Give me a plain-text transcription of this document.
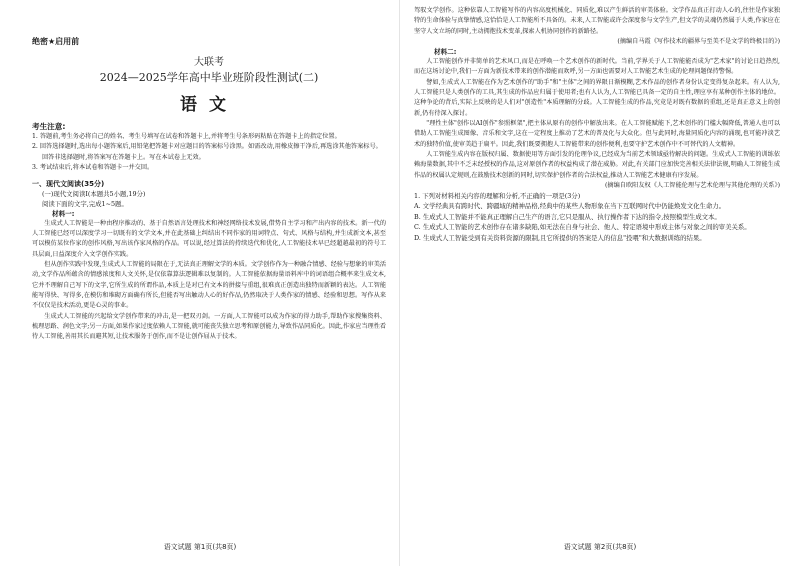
绝密★启用前
大联考
2024—2025学年高中毕业班阶段性测试(二)
语文
考生注意:
1. 答题前,考生务必将自己的姓名、考生号填写在试卷和答题卡上,并将考生号条形码粘贴在答题卡上的指定位置。
2. 回答选择题时,选出每小题答案后,用铅笔把答题卡对应题目的答案标号涂黑。如需改动,用橡皮擦干净后,再选涂其他答案标号。回答非选择题时,将答案写在答题卡上。写在本试卷上无效。
3. 考试结束后,将本试卷和答题卡一并交回。
一、现代文阅读(35分)
(一)现代文阅读Ⅰ(本题共5小题,19分)
阅读下面的文字,完成1~5题。
材料一:
生成式人工智能是一种由程序推动的、基于自然语言处理技术和神经网络技术发展,借势自主学习和产出内容的技术。新一代的人工智能已经可以深度学习一切既有的文学文本,并在此基础上纠结出不同作家的用词特点、句式、风格与结构,并生成新文本,甚至可以模仿某位作家的创作风格,写出该作家风格的作品。可以说,经过算法的持续迭代和优化,人工智能技术早已经超越最初的符号工具层面,日益深度介入文学创作实践。
但从创作实践中发现,生成式人工智能的局限在于,无法真正理解文学的本质。文学创作作为一种融合情感、经验与想象的审美活动,文学作品所蕴含的情感浓度和人文关怀,是仅依靠算法逻辑难以复制的。人工智能依据海量语料库中的词语组合概率来生成文本,它并不理解自己写下的文字,它所生成的所谓作品,本质上是对已有文本的拼接与重组,很难真正创造出独特而新颖的表达。人工智能能写得快、写得多,在模仿和堆砌方面确有所长,但能否写出触动人心的好作品,仍然取决于人类作家的情感、经验和思想。写作从来不仅仅是技术活动,更是心灵的事业。
生成式人工智能的兴起给文学创作带来的冲击,是一把双刃剑。一方面,人工智能可以成为作家的得力助手,帮助作家搜集资料、梳理思路、润色文字;另一方面,如果作家过度依赖人工智能,就可能丧失独立思考和原创能力,导致作品同质化。因此,作家应当理性看待人工智能,善用其长而避其短,让技术服务于创作,而不是让创作屈从于技术。
语文试题 第1页(共8页)
驾驭文学创作。这种依靠人工智能写作的内容高度机械化、同质化,难以产生鲜活的审美体验。文学作品真正打动人心的,往往是作家独特的生命体验与真挚情感,这恰恰是人工智能所不具备的。未来,人工智能或许会深度参与文学生产,但文学的灵魂仍然属于人类,作家应在坚守人文立场的同时,主动拥抱技术变革,探索人机协同创作的新路径。
(摘编自马霞《写作技术的疆界与至美不是文学的终极目的》)
材料二:
人工智能创作并非简单的艺术风口,而是在呼唤一个艺术创作的新时代。当前,学界关于人工智能能否成为"艺术家"的讨论日趋热烈,而在这场讨论中,我们一方面为新技术带来的创作潜能而欢呼,另一方面也需要对人工智能艺术生成的伦理问题保持警惕。
譬如,生成式人工智能在作为艺术创作的"助手"和"主体"之间的界限日渐模糊,艺术作品的创作者身份认定变得复杂起来。有人认为,人工智能只是人类创作的工具,其生成的作品应归属于使用者;也有人认为,人工智能已具备一定的自主性,理应享有某种创作主体的地位。这种争论的背后,实际上反映的是人们对"创造性"本质理解的分歧。人工智能生成的作品,究竟是对既有数据的重组,还是真正意义上的创新,仍有待深入探讨。
"理性主体"创作以AI创作"参照框架",把主体从原有的创作中解放出来。在人工智能赋能下,艺术创作的门槛大幅降低,普通人也可以借助人工智能生成图像、音乐和文字,这在一定程度上推动了艺术的普及化与大众化。但与此同时,海量同质化内容的涌现,也可能冲淡艺术的独特价值,使审美趋于扁平。因此,我们既要拥抱人工智能带来的创作便利,也要守护艺术创作中不可替代的人文精神。
人工智能生成内容在版权归属、数据使用等方面引发的伦理争议,已经成为当前艺术领域亟待解决的问题。生成式人工智能的训练依赖海量数据,其中不乏未经授权的作品,这对原创作者的权益构成了潜在威胁。对此,有关部门应加快完善相关法律法规,明确人工智能生成作品的权属认定规则,在鼓励技术创新的同时,切实保护创作者的合法权益,推动人工智能艺术健康有序发展。
(摘编自欧阳友权《人工智能伦理与艺术伦理与其他伦理的关系》)
1. 下列对材料相关内容的理解和分析,不正确的一项是(3分)
A. 文学经典具有跨时代、跨疆域的精神品格,经典中的某些人物形象在当下互联网时代中仍能焕发文化生命力。
B. 生成式人工智能并不能真正理解自己生产的语言,它只是服从、执行操作者下达的指令,按照模型生成文本。
C. 生成式人工智能的艺术创作存在诸多缺陷,如无法在自身与社会、他人、特定语境中形成主体与对象之间的审美关系。
D. 生成式人工智能受到有关资料资源的限制,且它所提供的答案是人的信息"投喂"和大数据训练的结果。
语文试题 第2页(共8页)
